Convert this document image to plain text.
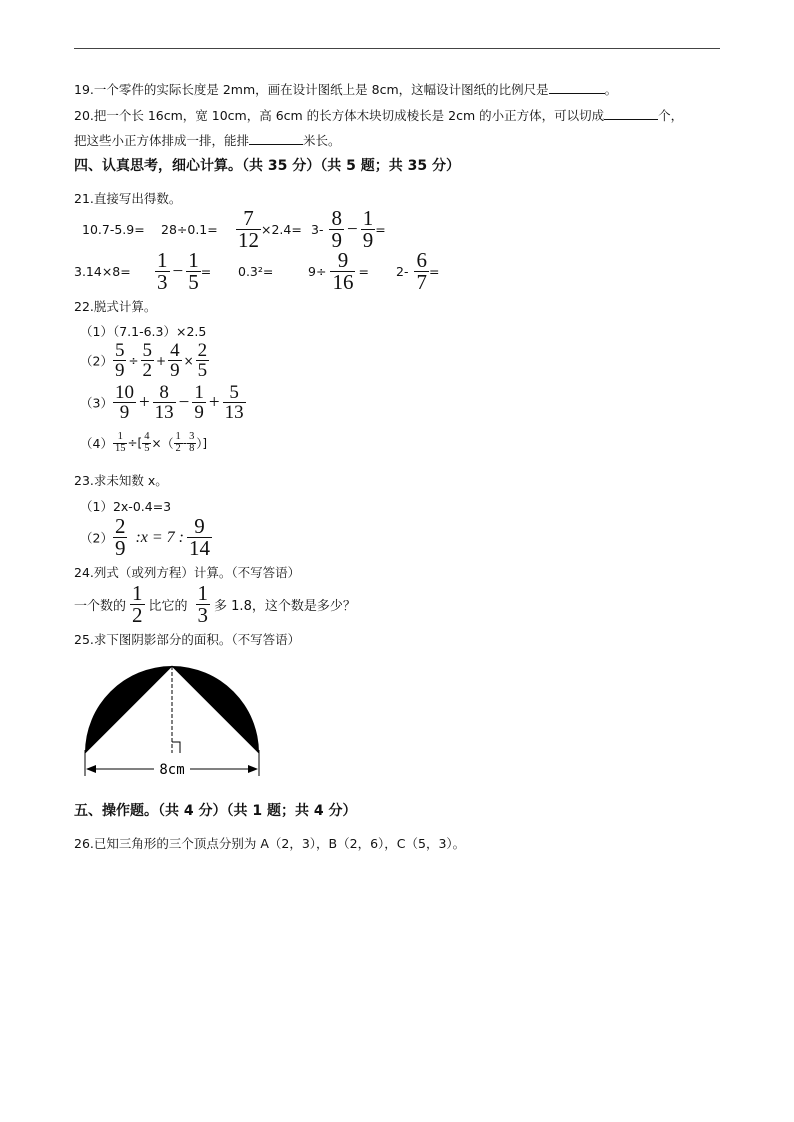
19.一个零件的实际长度是 2mm，画在设计图纸上是 8cm，这幅设计图纸的比例尺是	。
20.把一个长 16cm，宽 10cm，高 6cm 的长方体木块切成棱长是 2cm 的小正方体，可以切成	个，
把这些小正方体排成一排，能排	米长。
四、认真思考，细心计算。（共 35 分）（共 5 题；共 35 分）
21.直接写出得数。
$10.7-5.9= 28\div 0.1= \frac{7}{12} \times 2.4= 3- \frac{8}{9} - \frac{1}{9}$ =
$3.14\times 8= \frac{1}{3} - \frac{1}{5} = 0.3^2=$	$9\div \frac{9}{16} = 2- \frac{6}{7}$ =
22.脱式计算。
（1）（7.1-6.3）×2.5
$(2) \frac{5}{9} \div \frac{5}{2} + \frac{4}{9} \times \frac{2}{5}$
$(3) \frac{10}{9} + \frac{8}{13} - \frac{1}{9} + \frac{5}{13}$
$(4) \frac{1}{15}$ ÷[ $\frac{4}{5}$ ×（ $\frac{1}{2} - \frac{3}{8}$ ）]
23.求未知数 x。
（1）2x-0.4=3
$(2) \frac{2}{9}$ :x = 7 : $\frac{9}{14}$
24.列式（或列方程）计算。（不写答语）
一个数的 $\frac{1}{2}$ 比它的 $\frac{1}{3}$ 多 1.8，这个数是多少？
25.求下图阴影部分的面积。（不写答语）
8cm
五、操作题。（共 4 分）（共 1 题；共 4 分）
26.已知三角形的三个顶点分别为 A（2，3），B（2，6），C（5，3）。
